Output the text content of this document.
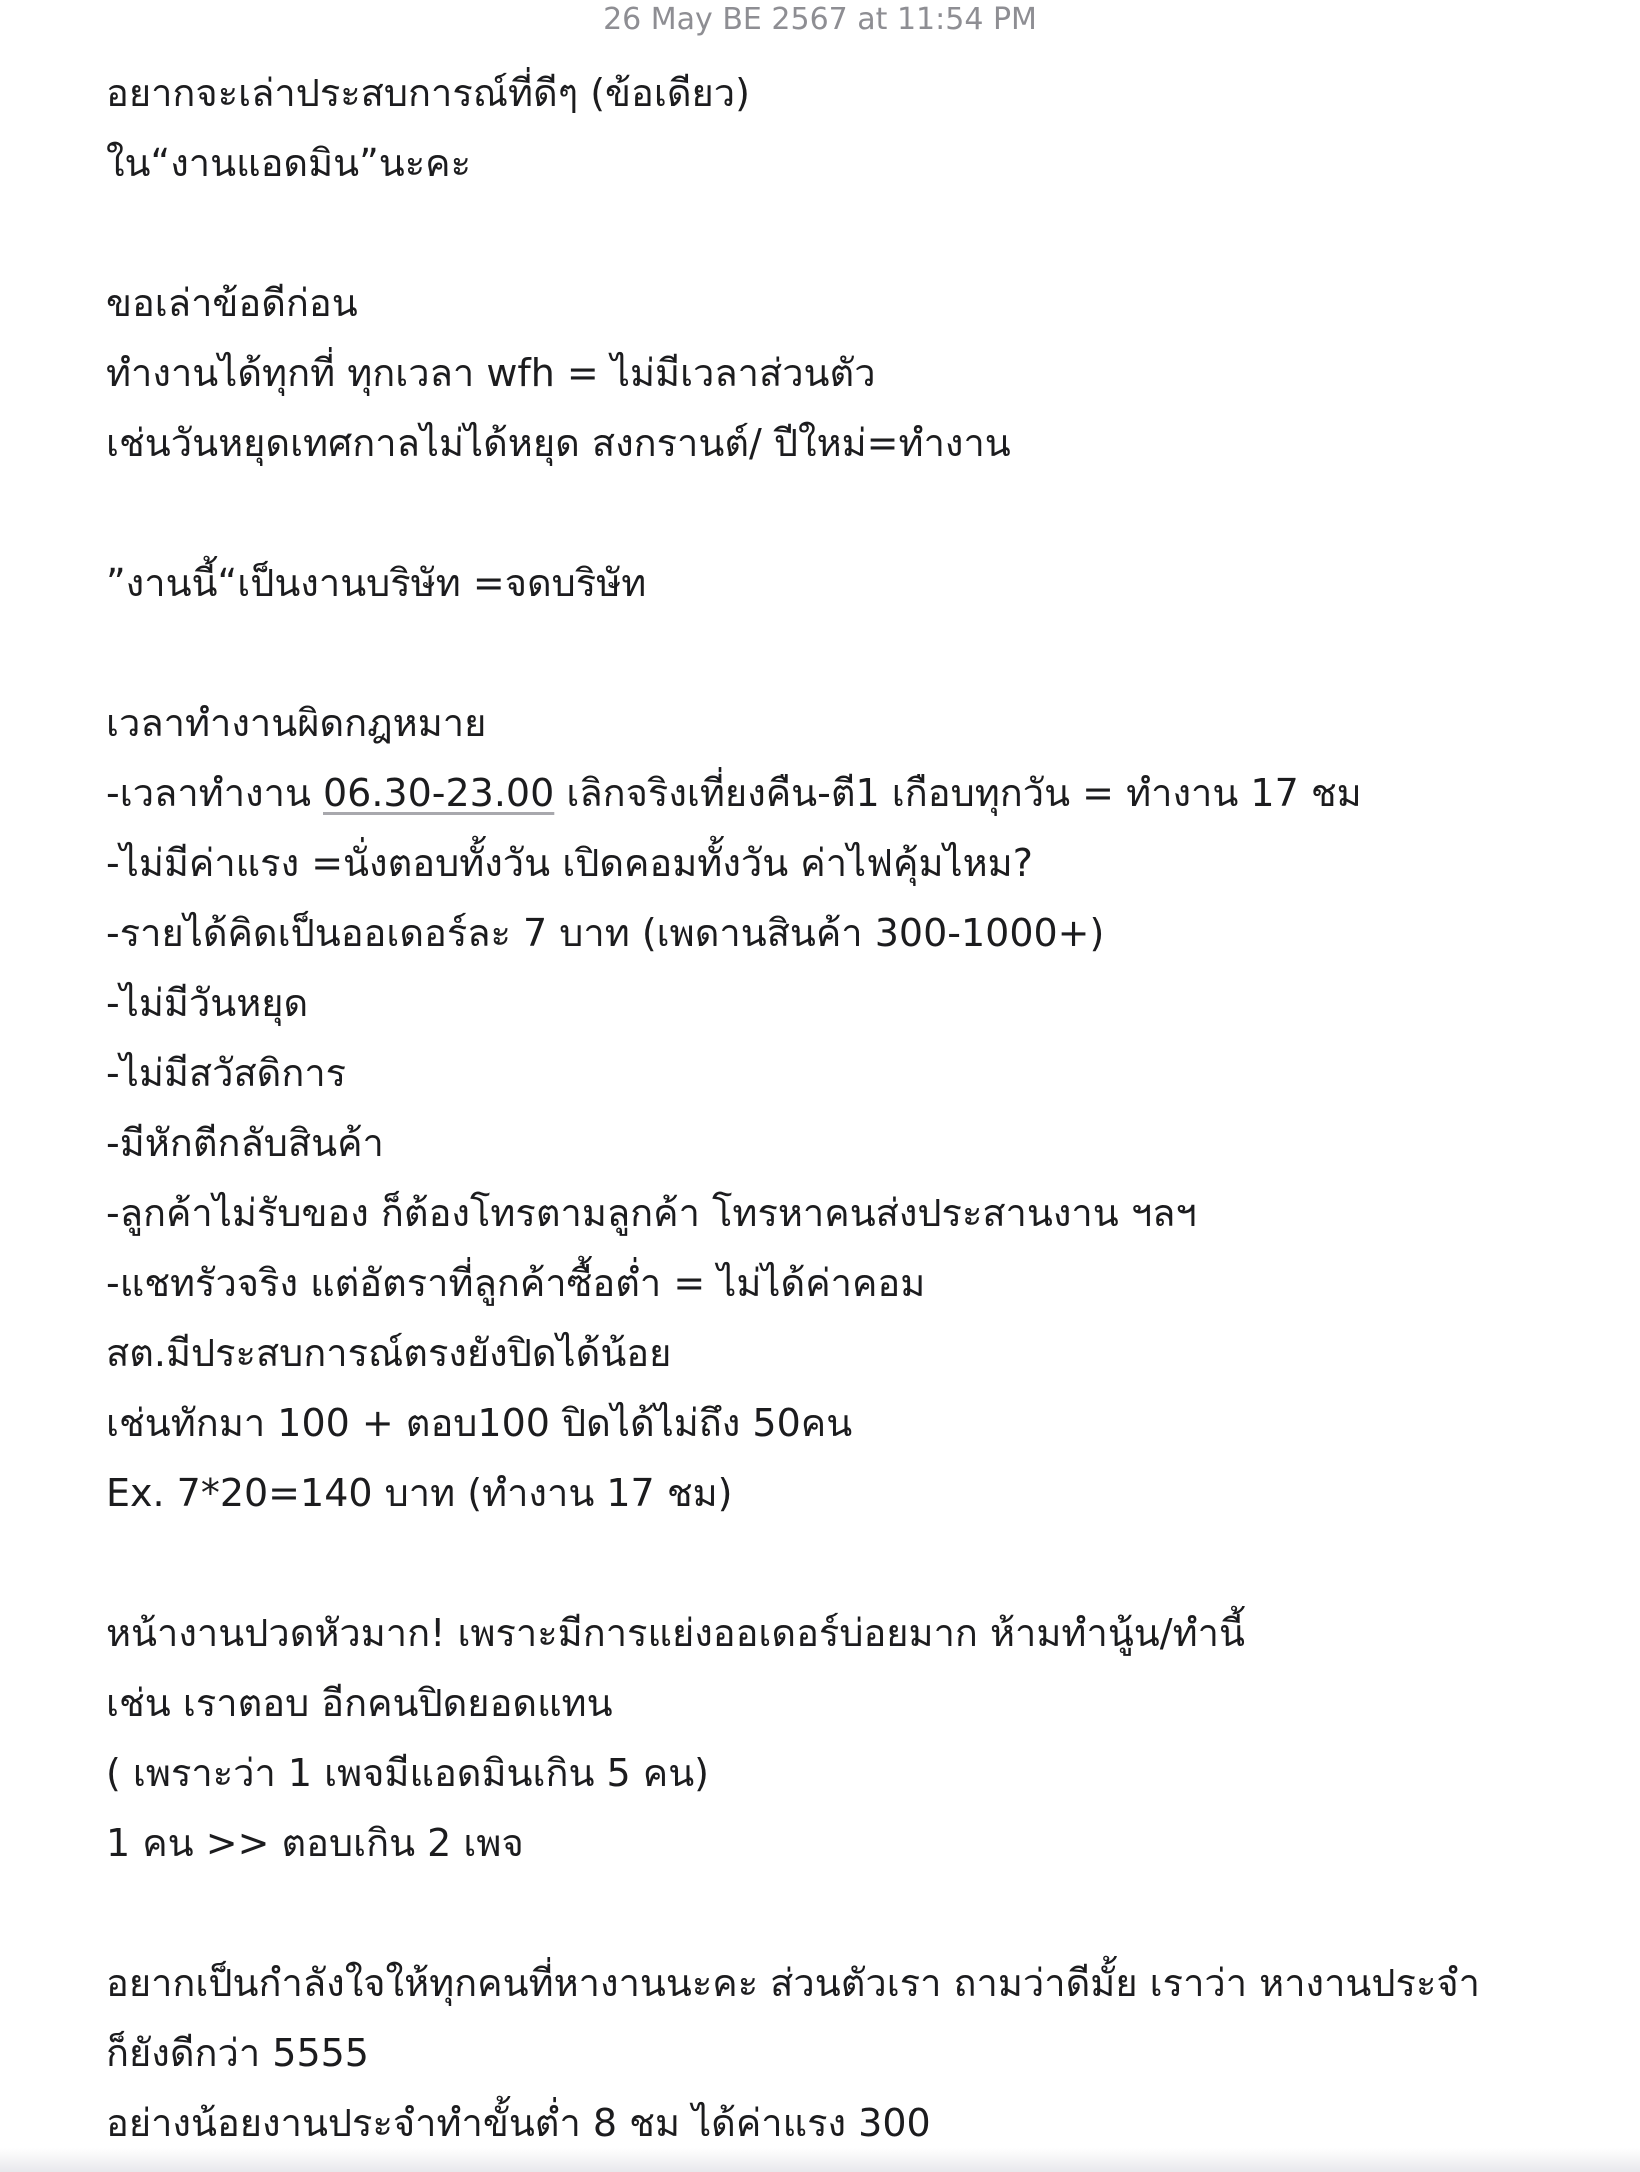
26 May BE 2567 at 11:54 PM
อยากจะเล่าประสบการณ์ที่ดีๆ (ข้อเดียว)
ใน“งานแอดมิน”นะคะ
ขอเล่าข้อดีก่อน
ทำงานได้ทุกที่ ทุกเวลา wfh = ไม่มีเวลาส่วนตัว
เช่นวันหยุดเทศกาลไม่ได้หยุด สงกรานต์/ ปีใหม่=ทำงาน
”งานนี้“เป็นงานบริษัท =จดบริษัท
เวลาทำงานผิดกฎหมาย
-เวลาทำงาน 06.30-23.00 เลิกจริงเที่ยงคืน-ตี1 เกือบทุกวัน = ทำงาน 17 ชม
-ไม่มีค่าแรง =นั่งตอบทั้งวัน เปิดคอมทั้งวัน ค่าไฟคุ้มไหม?
-รายได้คิดเป็นออเดอร์ละ 7 บาท (เพดานสินค้า 300-1000+)
-ไม่มีวันหยุด
-ไม่มีสวัสดิการ
-มีหักตีกลับสินค้า
-ลูกค้าไม่รับของ ก็ต้องโทรตามลูกค้า โทรหาคนส่งประสานงาน ฯลฯ
-แชทรัวจริง แต่อัตราที่ลูกค้าซื้อต่ำ = ไม่ได้ค่าคอม
สต.มีประสบการณ์ตรงยังปิดได้น้อย
เช่นทักมา 100 + ตอบ100 ปิดได้ไม่ถึง 50คน
Ex. 7*20=140 บาท (ทำงาน 17 ชม)
หน้างานปวดหัวมาก! เพราะมีการแย่งออเดอร์บ่อยมาก ห้ามทำนู้น/ทำนี้
เช่น เราตอบ อีกคนปิดยอดแทน
( เพราะว่า 1 เพจมีแอดมินเกิน 5 คน)
1 คน >> ตอบเกิน 2 เพจ
อยากเป็นกำลังใจให้ทุกคนที่หางานนะคะ ส่วนตัวเรา ถามว่าดีมั้ย เราว่า หางานประจำ
ก็ยังดีกว่า 5555
อย่างน้อยงานประจำทำขั้นต่ำ 8 ชม ได้ค่าแรง 300
